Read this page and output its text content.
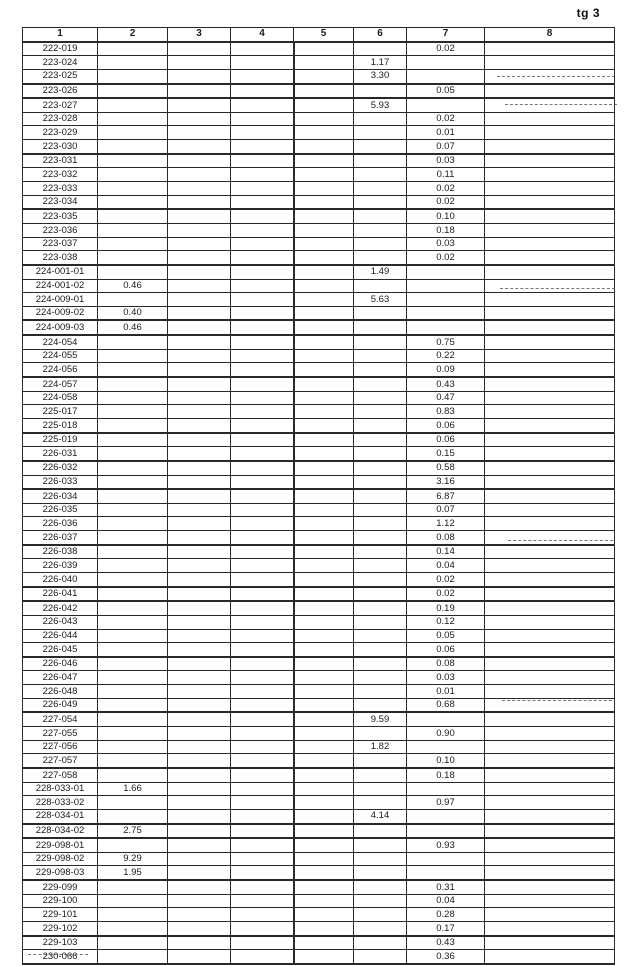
tg 3
1	2	3	4	5	6	7	8
222-019						0.02	
223-024					1.17		
223-025					3.30		
223-026						0.05	
223-027					5.93		
223-028						0.02	
223-029						0.01	
223-030						0.07	
223-031						0.03	
223-032						0.11	
223-033						0.02	
223-034						0.02	
223-035						0.10	
223-036						0.18	
223-037						0.03	
223-038						0.02	
224-001-01					1.49		
224-001-02	0.46						
224-009-01					5.63		
224-009-02	0.40						
224-009-03	0.46						
224-054						0.75	
224-055						0.22	
224-056						0.09	
224-057						0.43	
224-058						0.47	
225-017						0.83	
225-018						0.06	
225-019						0.06	
226-031						0.15	
226-032						0.58	
226-033						3.16	
226-034						6.87	
226-035						0.07	
226-036						1.12	
226-037						0.08	
226-038						0.14	
226-039						0.04	
226-040						0.02	
226-041						0.02	
226-042						0.19	
226-043						0.12	
226-044						0.05	
226-045						0.06	
226-046						0.08	
226-047						0.03	
226-048						0.01	
226-049						0.68	
227-054					9.59		
227-055						0.90	
227-056					1.82		
227-057						0.10	
227-058						0.18	
228-033-01	1.66						
228-033-02						0.97	
228-034-01					4.14		
228-034-02	2.75						
229-098-01						0.93	
229-098-02	9.29						
229-098-03	1.95						
229-099						0.31	
229-100						0.04	
229-101						0.28	
229-102						0.17	
229-103						0.43	
230-066						0.36	
